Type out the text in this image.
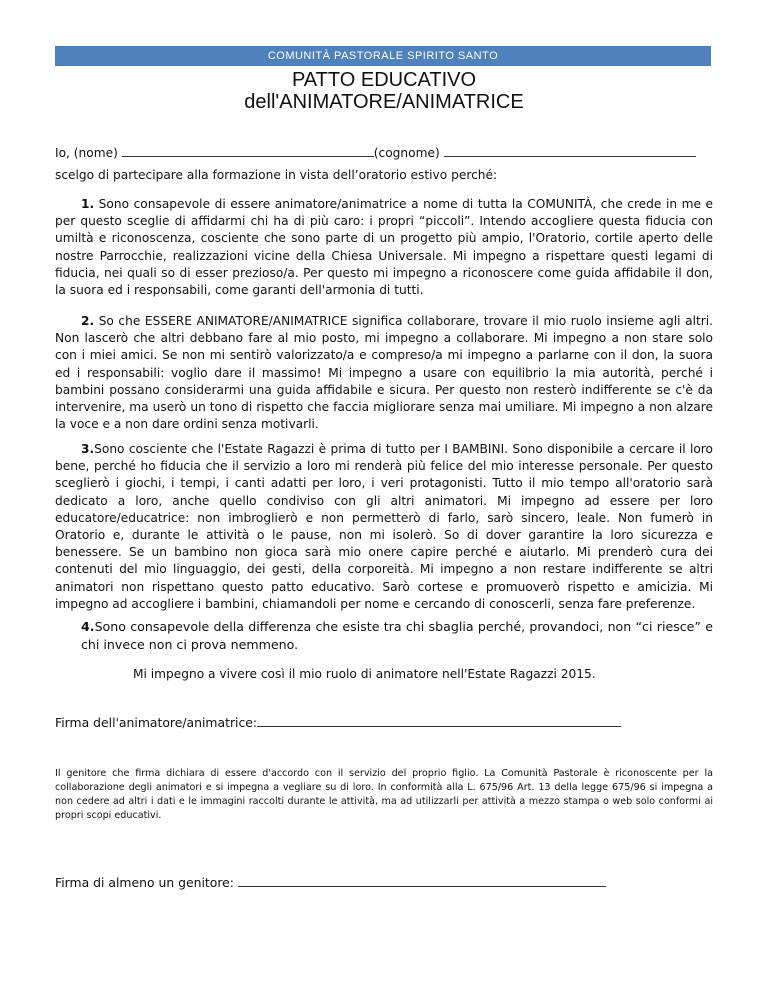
COMUNITÀ PASTORALE SPIRITO SANTO
PATTO EDUCATIVO
dell'ANIMATORE/ANIMATRICE
Io, (nome)	(cognome)
scelgo di partecipare alla formazione in vista dell’oratorio estivo perché:
1. Sono consapevole di essere animatore/animatrice a nome di tutta la COMUNITÀ, che crede in me e per questo sceglie di affidarmi chi ha di più caro: i propri “piccoli”. Intendo accogliere questa fiducia con umiltà e riconoscenza, cosciente che sono parte di un progetto più ampio, l'Oratorio, cortile aperto delle nostre Parrocchie, realizzazioni vicine della Chiesa Universale. Mi impegno a rispettare questi legami di fiducia, nei quali so di esser prezioso/a. Per questo mi impegno a riconoscere come guida affidabile il don, la suora ed i responsabili, come garanti dell'armonia di tutti.
2. So che ESSERE ANIMATORE/ANIMATRICE significa collaborare, trovare il mio ruolo insieme agli altri. Non lascerò che altri debbano fare al mio posto, mi impegno a collaborare. Mi impegno a non stare solo con i miei amici. Se non mi sentirò valorizzato/a e compreso/a mi impegno a parlarne con il don, la suora ed i responsabili: voglio dare il massimo! Mi impegno a usare con equilibrio la mia autorità, perché i bambini possano considerarmi una guida affidabile e sicura. Per questo non resterò indifferente se c'è da intervenire, ma userò un tono di rispetto che faccia migliorare senza mai umiliare. Mi impegno a non alzare la voce e a non dare ordini senza motivarli.
3.Sono cosciente che l'Estate Ragazzi è prima di tutto per I BAMBINI. Sono disponibile a cercare il loro bene, perché ho fiducia che il servizio a loro mi renderà più felice del mio interesse personale. Per questo sceglierò i giochi, i tempi, i canti adatti per loro, i veri protagonisti. Tutto il mio tempo all'oratorio sarà dedicato a loro, anche quello condiviso con gli altri animatori. Mi impegno ad essere per loro educatore/educatrice: non imbroglierò e non permetterò di farlo, sarò sincero, leale. Non fumerò in Oratorio e, durante le attività o le pause, non mi isolerò. So di dover garantire la loro sicurezza e benessere. Se un bambino non gioca sarà mio onere capire perché e aiutarlo. Mi prenderò cura dei contenuti del mio linguaggio, dei gesti, della corporeità. Mi impegno a non restare indifferente se altri animatori non rispettano questo patto educativo. Sarò cortese e promuoverò rispetto e amicizia. Mi impegno ad accogliere i bambini, chiamandoli per nome e cercando di conoscerli, senza fare preferenze.
4.Sono consapevole della differenza che esiste tra chi sbaglia perché, provandoci, non “ci riesce” e chi invece non ci prova nemmeno.
Mi impegno a vivere così il mio ruolo di animatore nell'Estate Ragazzi 2015.
Firma dell'animatore/animatrice:
Il genitore che firma dichiara di essere d'accordo con il servizio del proprio figlio. La Comunità Pastorale è riconoscente per la collaborazione degli animatori e si impegna a vegliare su di loro. In conformità alla L. 675/96 Art. 13 della legge 675/96 si impegna a non cedere ad altri i dati e le immagini raccolti durante le attività, ma ad utilizzarli per attività a mezzo stampa o web solo conformi ai propri scopi educativi.
Firma di almeno un genitore:
